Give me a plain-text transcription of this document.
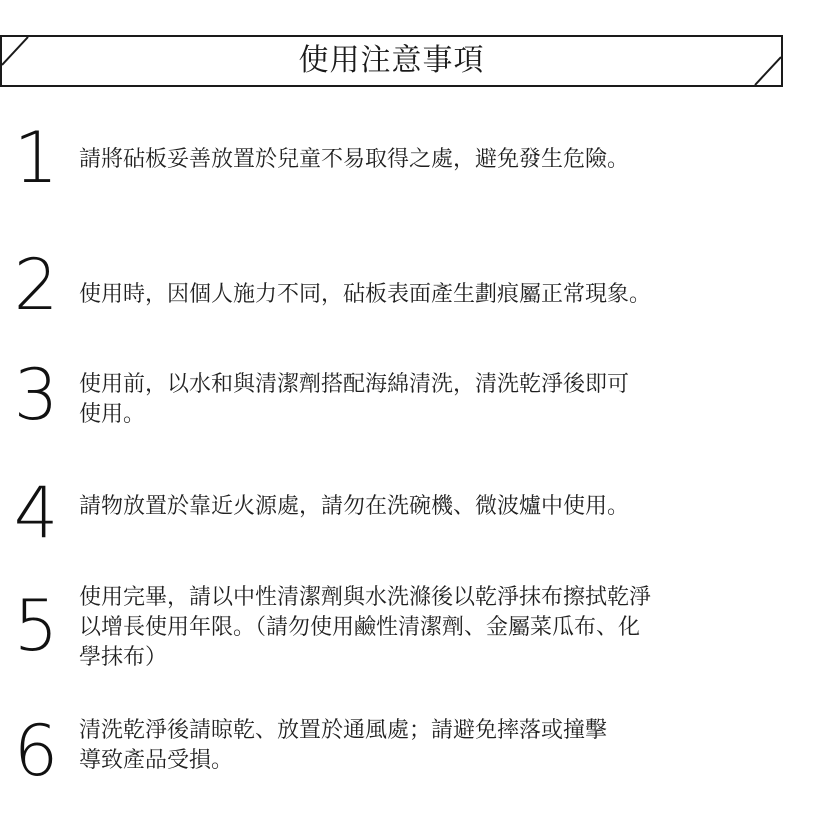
使用注意事項
1 請將砧板妥善放置於兒童不易取得之處，避免發生危險。
2 使用時，因個人施力不同，砧板表面產生劃痕屬正常現象。
3 使用前，以水和與清潔劑搭配海綿清洗，清洗乾淨後即可
使用。
4 請物放置於靠近火源處，請勿在洗碗機、微波爐中使用。
5 使用完畢，請以中性清潔劑與水洗滌後以乾淨抹布擦拭乾淨
以增長使用年限。（請勿使用鹼性清潔劑、金屬菜瓜布、化
學抹布）
6 清洗乾淨後請晾乾、放置於通風處；請避免摔落或撞擊
導致產品受損。
